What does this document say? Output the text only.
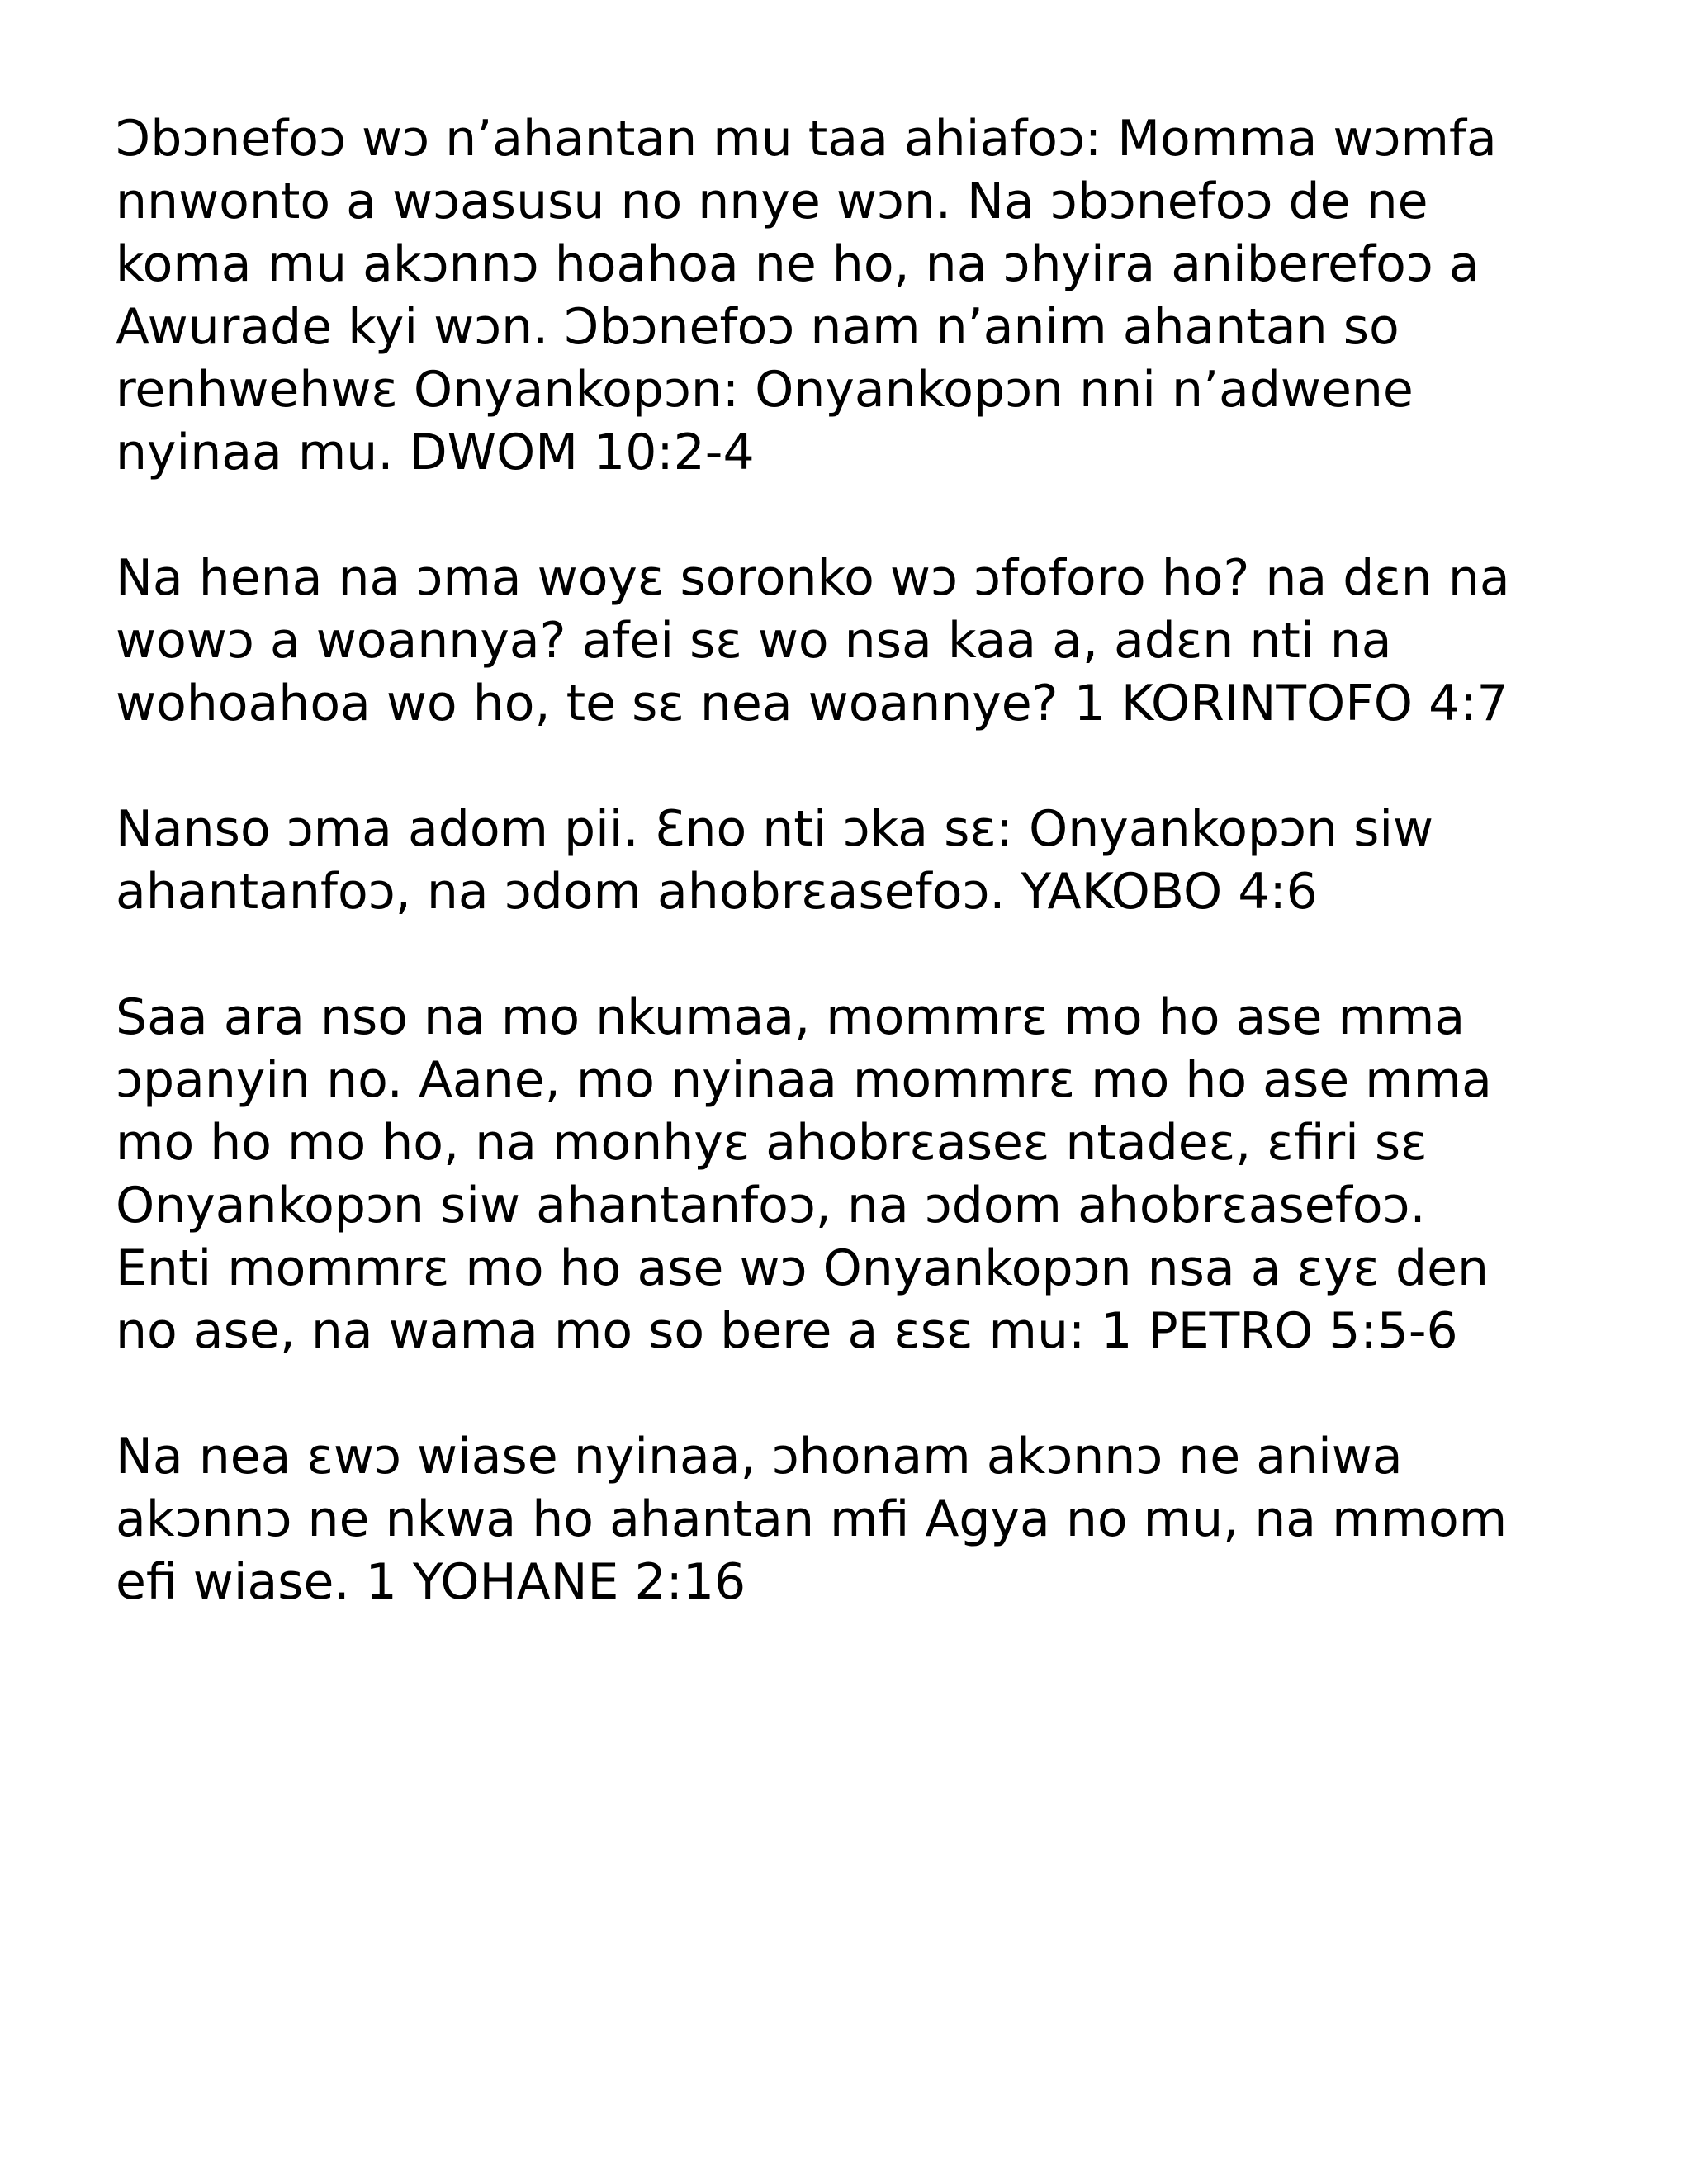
Ɔbɔnefoɔ wɔ n’ahantan mu taa ahiafoɔ: Momma wɔmfa
nnwonto a wɔasusu no nnye wɔn. Na ɔbɔnefoɔ de ne
koma mu akɔnnɔ hoahoa ne ho, na ɔhyira aniberefoɔ a
Awurade kyi wɔn. Ɔbɔnefoɔ nam n’anim ahantan so
renhwehwɛ Onyankopɔn: Onyankopɔn nni n’adwene
nyinaa mu. DWOM 10:2-4

Na hena na ɔma woyɛ soronko wɔ ɔfoforo ho? na dɛn na
wowɔ a woannya? afei sɛ wo nsa kaa a, adɛn nti na
wohoahoa wo ho, te sɛ nea woannye? 1 KORINTOFO 4:7

Nanso ɔma adom pii. Ɛno nti ɔka sɛ: Onyankopɔn siw
ahantanfoɔ, na ɔdom ahobrɛasefoɔ. YAKOBO 4:6

Saa ara nso na mo nkumaa, mommrɛ mo ho ase mma
ɔpanyin no. Aane, mo nyinaa mommrɛ mo ho ase mma
mo ho mo ho, na monhyɛ ahobrɛaseɛ ntadeɛ, ɛfiri sɛ
Onyankopɔn siw ahantanfoɔ, na ɔdom ahobrɛasefoɔ.
Enti mommrɛ mo ho ase wɔ Onyankopɔn nsa a ɛyɛ den
no ase, na wama mo so bere a ɛsɛ mu: 1 PETRO 5:5-6

Na nea ɛwɔ wiase nyinaa, ɔhonam akɔnnɔ ne aniwa
akɔnnɔ ne nkwa ho ahantan mfi Agya no mu, na mmom
efi wiase. 1 YOHANE 2:16
